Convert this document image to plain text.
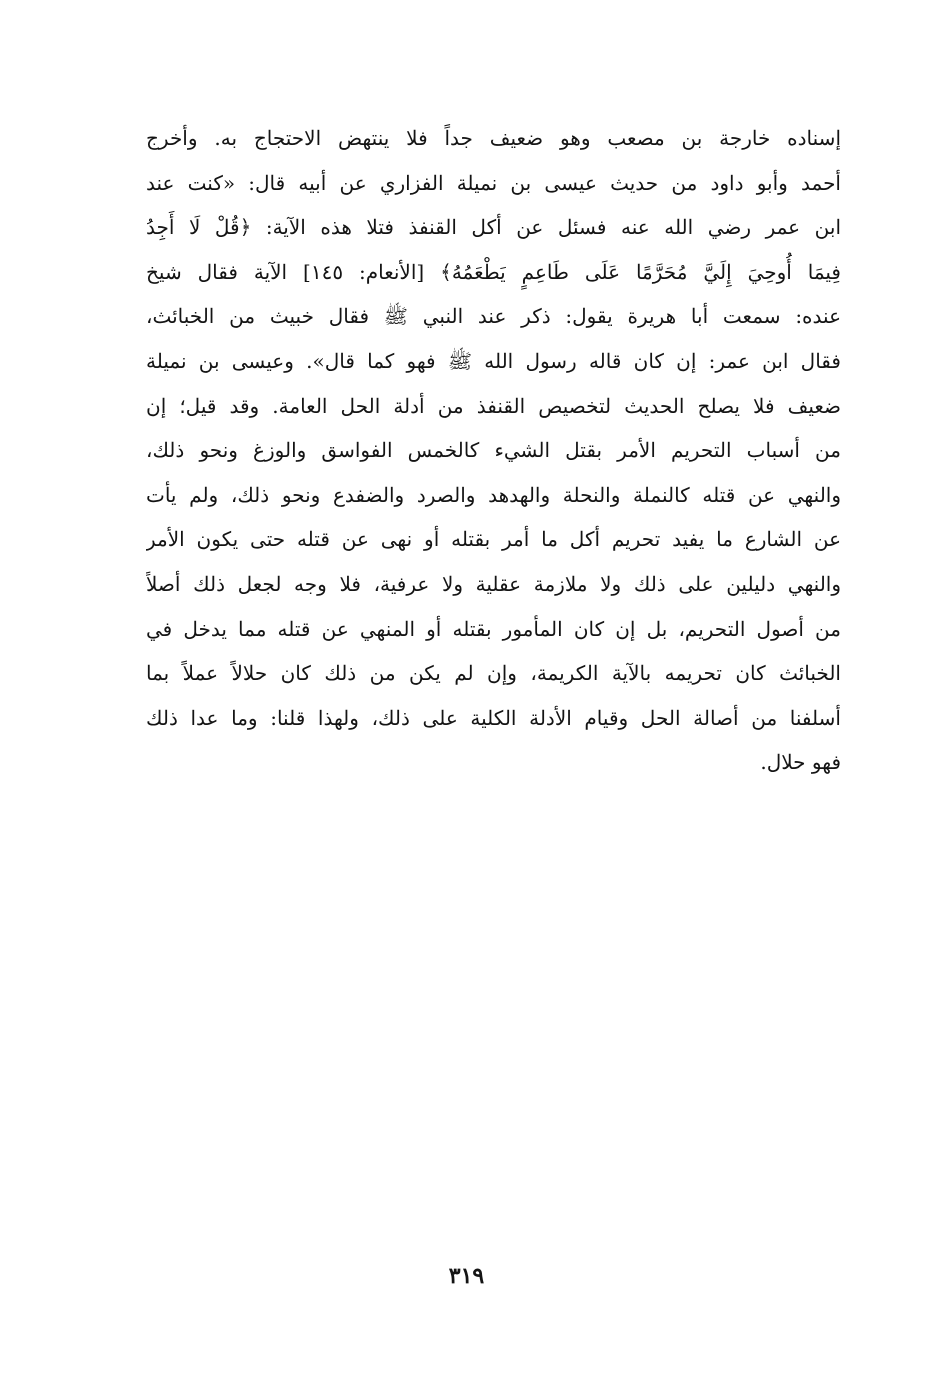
إسناده خارجة بن مصعب وهو ضعيف جداً فلا ينتهض الاحتجاج به. وأخرج
أحمد وأبو داود من حديث عيسى بن نميلة الفزاري عن أبيه قال: «كنت عند
ابن عمر رضي الله عنه فسئل عن أكل القنفذ فتلا هذه الآية: ﴿قُلْ لَا أَجِدُ
فِيمَا أُوحِيَ إِلَيَّ مُحَرَّمًا عَلَى طَاعِمٍ يَطْعَمُهُ﴾ [الأنعام: ١٤٥] الآية فقال شيخ
عنده: سمعت أبا هريرة يقول: ذكر عند النبي ﷺ فقال خبيث من الخبائث،
فقال ابن عمر: إن كان قاله رسول الله ﷺ فهو كما قال». وعيسى بن نميلة
ضعيف فلا يصلح الحديث لتخصيص القنفذ من أدلة الحل العامة. وقد قيل؛ إن
من أسباب التحريم الأمر بقتل الشيء كالخمس الفواسق والوزغ ونحو ذلك،
والنهي عن قتله كالنملة والنحلة والهدهد والصرد والضفدع ونحو ذلك، ولم يأت
عن الشارع ما يفيد تحريم أكل ما أمر بقتله أو نهى عن قتله حتى يكون الأمر
والنهي دليلين على ذلك ولا ملازمة عقلية ولا عرفية، فلا وجه لجعل ذلك أصلاً
من أصول التحريم، بل إن كان المأمور بقتله أو المنهي عن قتله مما يدخل في
الخبائث كان تحريمه بالآية الكريمة، وإن لم يكن من ذلك كان حلالاً عملاً بما
أسلفنا من أصالة الحل وقيام الأدلة الكلية على ذلك، ولهذا قلنا: وما عدا ذلك
فهو حلال.
٣١٩
